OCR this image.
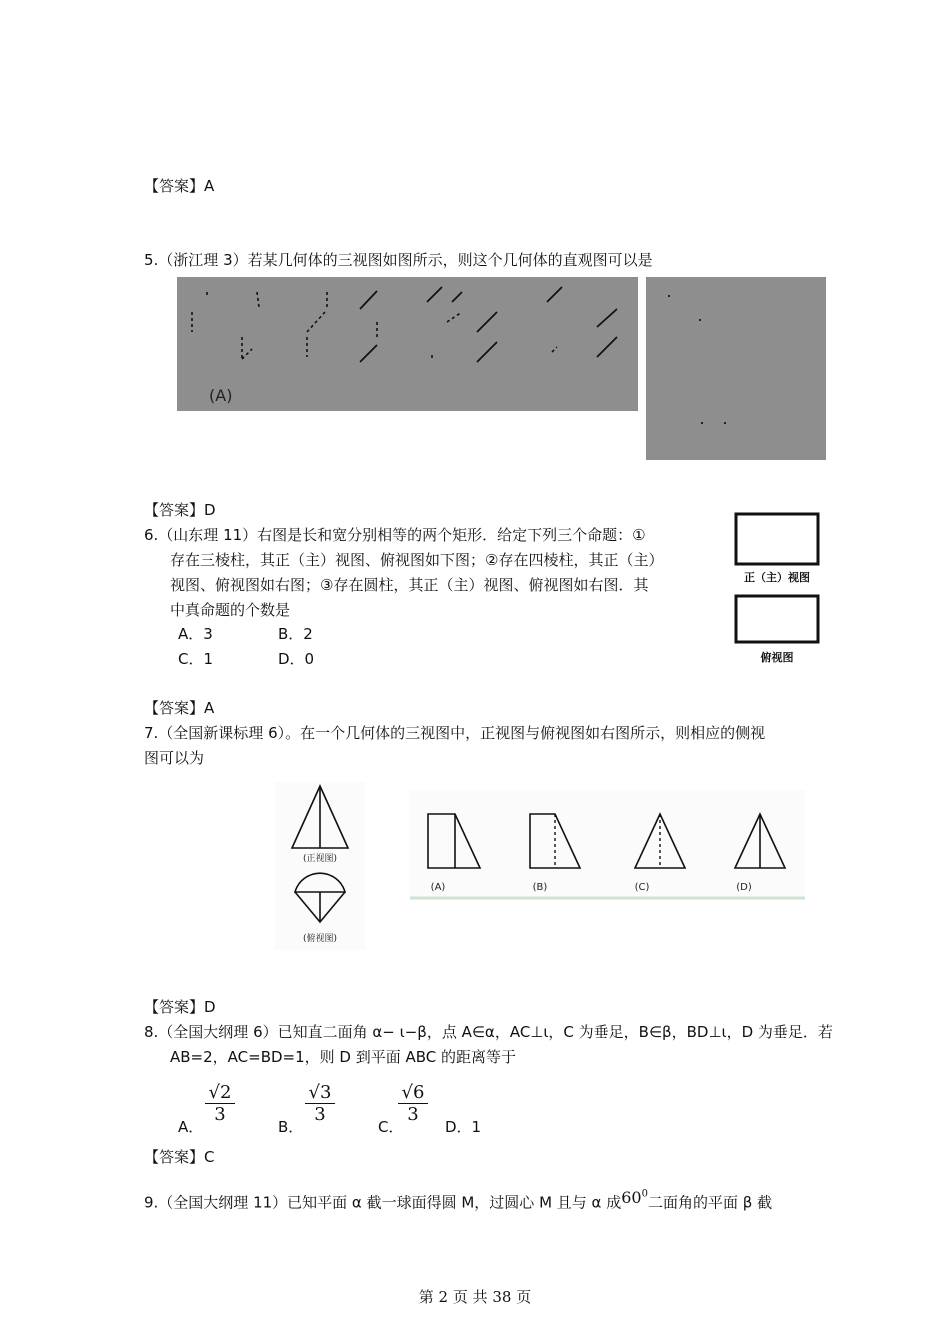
【答案】A
5.（浙江理 3）若某几何体的三视图如图所示，则这个几何体的直观图可以是
(A)
【答案】D
6.（山东理 11）右图是长和宽分别相等的两个矩形．给定下列三个命题：①
存在三棱柱，其正（主）视图、俯视图如下图；②存在四棱柱，其正（主）
视图、俯视图如右图；③存在圆柱，其正（主）视图、俯视图如右图．其
中真命题的个数是
A．3	B．2
C．1	D．0
正（主）视图
俯视图
【答案】A
7.（全国新课标理 6）。在一个几何体的三视图中，正视图与俯视图如右图所示，则相应的侧视
图可以为
(正视图)
(俯视图)
(A)	(B)	(C)	(D)
【答案】D
8.（全国大纲理 6）已知直二面角 α− ι−β，点 A∈α，AC⊥ι，C 为垂足，B∈β，BD⊥ι，D 为垂足．若
AB=2，AC=BD=1，则 D 到平面 ABC 的距离等于
A．
$\frac{√2}{3}$
B．
$\frac{√3}{3}$
C．
$\frac{√6}{3}$
D．1
【答案】C
9.（全国大纲理 11）已知平面 α 截一球面得圆 M，过圆心 M 且与 α 成$60^0$二面角的平面 β 截
第 2 页 共 38 页
